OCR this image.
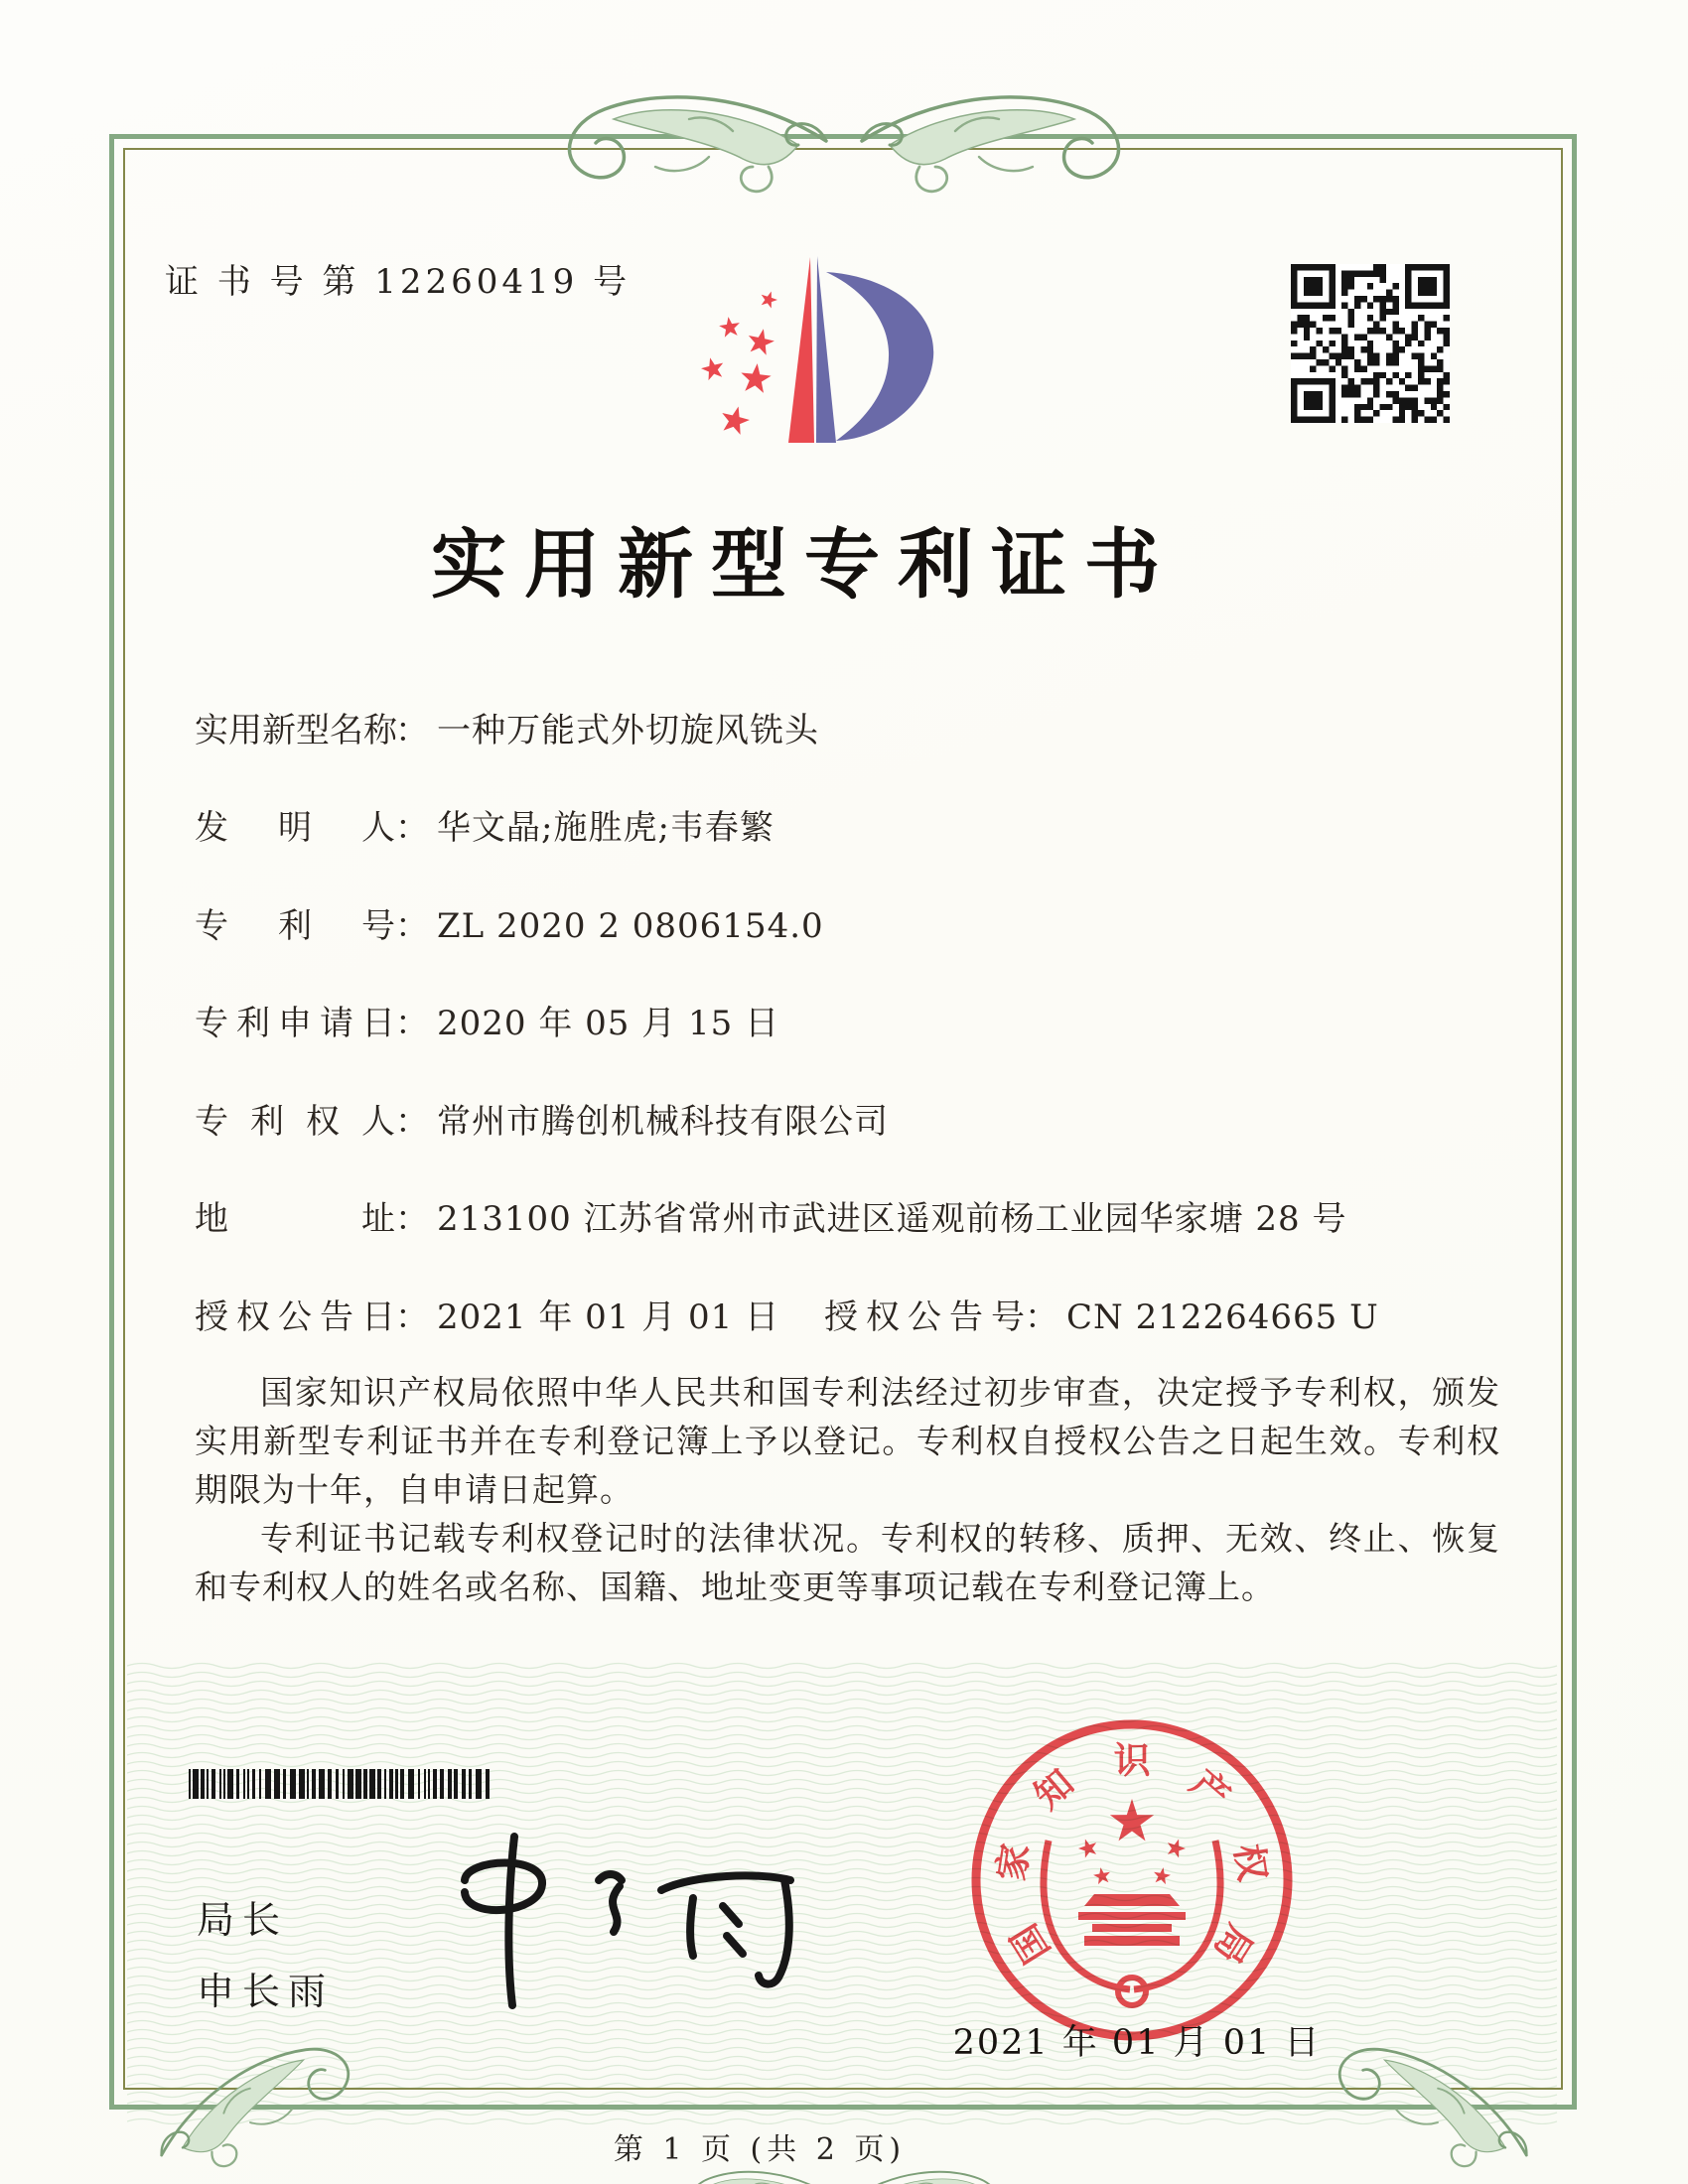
证 书 号 第 12260419 号
实用新型专利证书
实用新型名称： 一种万能式外切旋风铣头
发明人： 华文晶;施胜虎;韦春繁
专利号： ZL 2020 2 0806154.0
专利申请日： 2020 年 05 月 15 日
专利权人： 常州市腾创机械科技有限公司
地址： 213100 江苏省常州市武进区遥观前杨工业园华家塘 28 号
授权公告日： 2021 年 01 月 01 日 授权公告号： CN 212264665 U

国家知识产权局依照中华人民共和国专利法经过初步审查，决定授予专利权，颁发实用新型专利证书并在专利登记簿上予以登记。专利权自授权公告之日起生效。专利权期限为十年，自申请日起算。

专利证书记载专利权登记时的法律状况。专利权的转移、质押、无效、终止、恢复和专利权人的姓名或名称、国籍、地址变更等事项记载在专利登记簿上。

局长
申长雨
国
家
知
识
产
权
局
2021 年 01 月 01 日
第 1 页 (共 2 页)
